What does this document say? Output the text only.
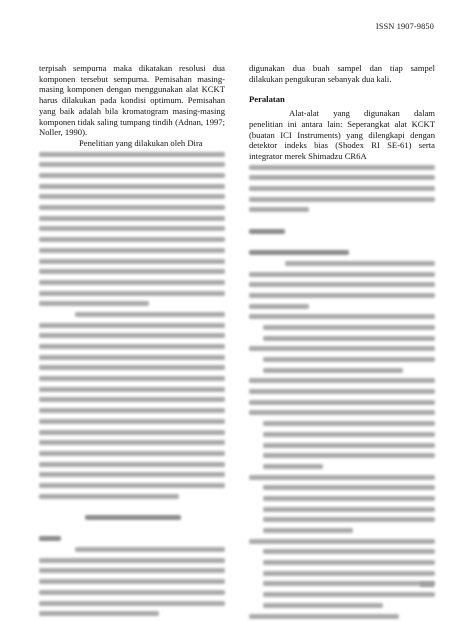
ISSN 1907-9850

terpisah sempurna maka dikatakan resolusi dua komponen tersebut sempurna. Pemisahan masing-masing komponen dengan menggunakan alat KCKT harus dilakukan pada kondisi optimum. Pemisahan yang baik adalah bila kromatogram masing-masing komponen tidak saling tumpang tindih (Adnan, 1997; Noller, 1990).

Penelitian yang dilakukan oleh Dira

digunakan dua buah sampel dan tiap sampel dilakukan pengukuran sebanyak dua kali.

Peralatan

Alat-alat yang digunakan dalam penelitian ini antara lain: Seperangkat alat KCKT (buatan ICI Instruments) yang dilengkapi dengan detektor indeks bias (Shodex RI SE-61) serta integrator merek Shimadzu CR6A
